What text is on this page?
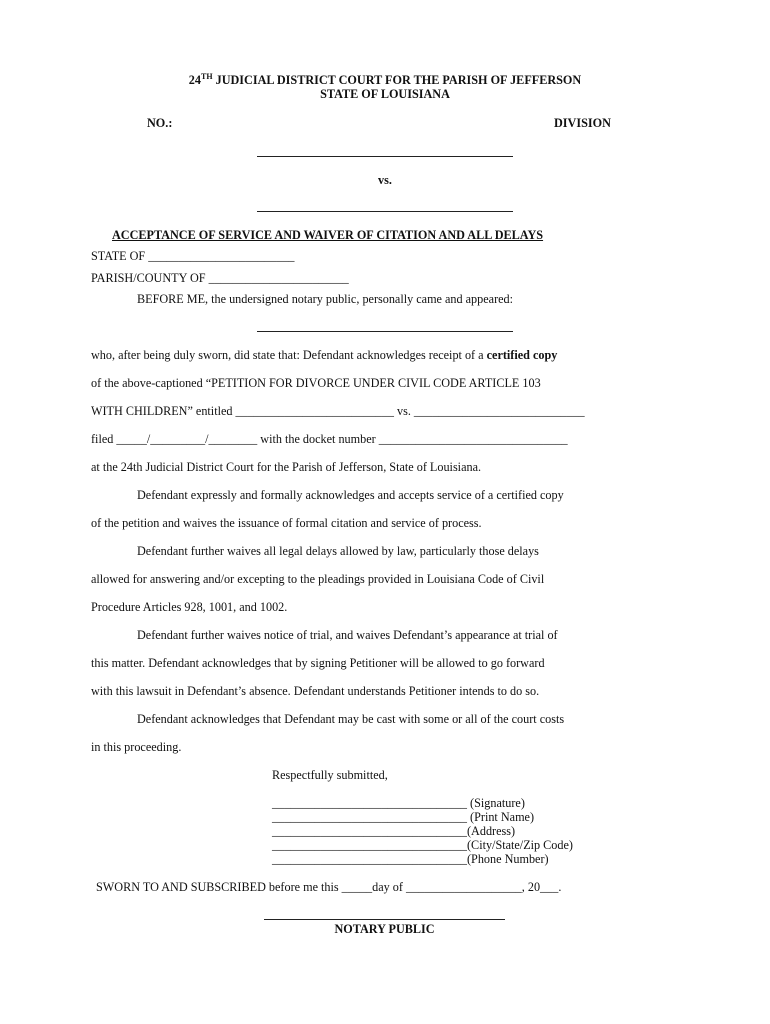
24TH JUDICIAL DISTRICT COURT FOR THE PARISH OF JEFFERSON
STATE OF LOUISIANA
NO.:	DIVISION
vs.
ACCEPTANCE OF SERVICE AND WAIVER OF CITATION AND ALL DELAYS
STATE OF ________________________
PARISH/COUNTY OF _______________________
BEFORE ME, the undersigned notary public, personally came and appeared:
who, after being duly sworn, did state that: Defendant acknowledges receipt of a certified copy
of the above-captioned “PETITION FOR DIVORCE UNDER CIVIL CODE ARTICLE 103
WITH CHILDREN” entitled __________________________ vs. ____________________________
filed _____/_________/________ with the docket number _______________________________
at the 24th Judicial District Court for the Parish of Jefferson, State of Louisiana.
Defendant expressly and formally acknowledges and accepts service of a certified copy
of the petition and waives the issuance of formal citation and service of process.
Defendant further waives all legal delays allowed by law, particularly those delays
allowed for answering and/or excepting to the pleadings provided in Louisiana Code of Civil
Procedure Articles 928, 1001, and 1002.
Defendant further waives notice of trial, and waives Defendant’s appearance at trial of
this matter. Defendant acknowledges that by signing Petitioner will be allowed to go forward
with this lawsuit in Defendant’s absence. Defendant understands Petitioner intends to do so.
Defendant acknowledges that Defendant may be cast with some or all of the court costs
in this proceeding.
Respectfully submitted,
________________________________ (Signature)
________________________________ (Print Name)
________________________________(Address)
________________________________(City/State/Zip Code)
________________________________(Phone Number)
SWORN TO AND SUBSCRIBED before me this _____day of ___________________, 20___.
NOTARY PUBLIC
